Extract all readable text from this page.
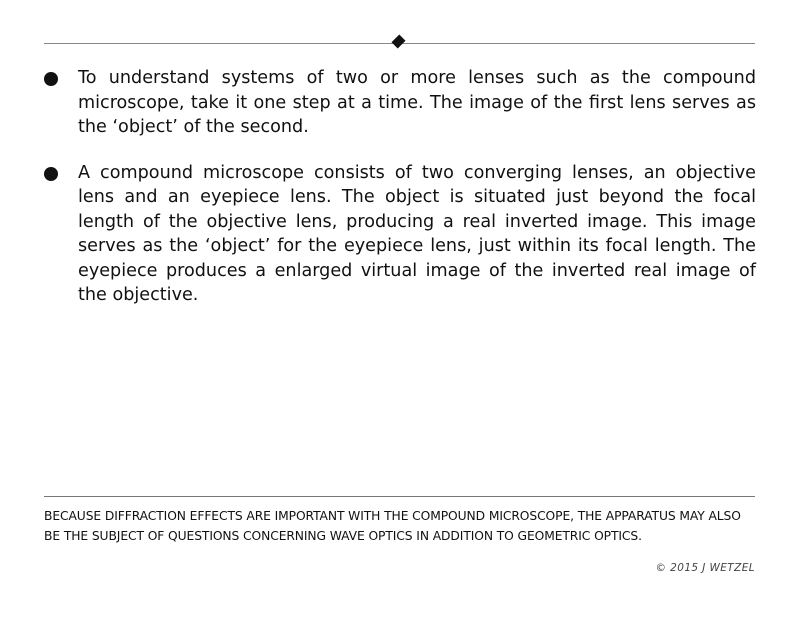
To understand systems of two or more lenses such as the compound microscope, take it one step at a time. The image of the first lens serves as the ‘object’ of the second.
A compound microscope consists of two converging lenses, an objective lens and an eyepiece lens. The object is situated just beyond the focal length of the objective lens, producing a real inverted image. This image serves as the ‘object’ for the eyepiece lens, just within its focal length. The eyepiece produces a enlarged virtual image of the inverted real image of the objective.
BECAUSE DIFFRACTION EFFECTS ARE IMPORTANT WITH THE COMPOUND MICROSCOPE, THE APPARATUS MAY ALSO BE THE SUBJECT OF QUESTIONS CONCERNING WAVE OPTICS IN ADDITION TO GEOMETRIC OPTICS.
© 2015 J WETZEL
